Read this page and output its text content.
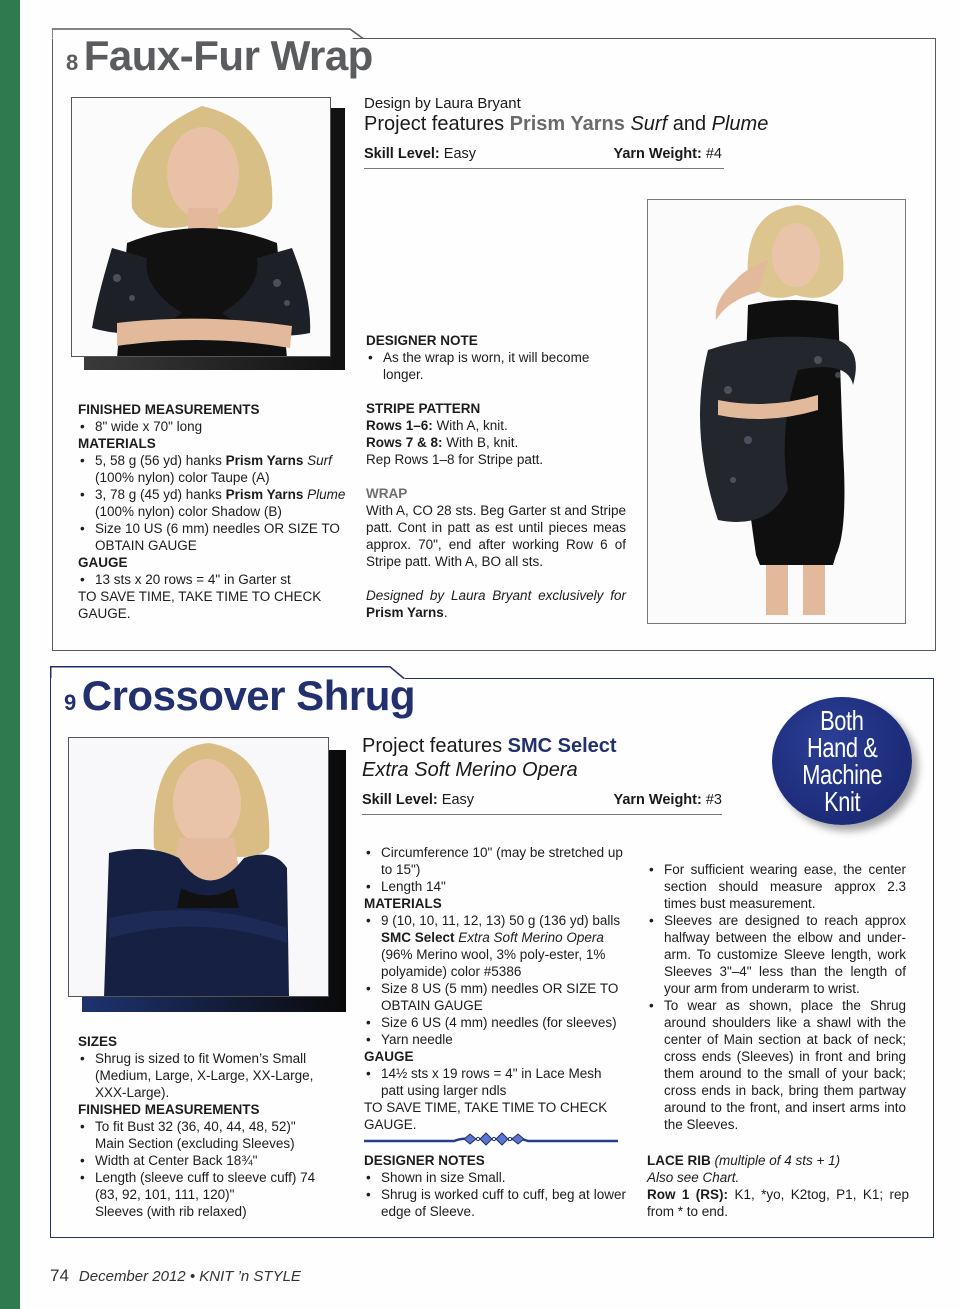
8 Faux-Fur Wrap
Design by Laura Bryant
Project features Prism Yarns Surf and Plume
Skill Level: Easy	Yarn Weight: #4

FINISHED MEASUREMENTS

• 8" wide x 70" long

MATERIALS

• 5, 58 g (56 yd) hanks Prism Yarns Surf (100% nylon) color Taupe (A)

• 3, 78 g (45 yd) hanks Prism Yarns Plume (100% nylon) color Shadow (B)

• Size 10 US (6 mm) needles OR SIZE TO OBTAIN GAUGE

GAUGE

• 13 sts x 20 rows = 4" in Garter st

TO SAVE TIME, TAKE TIME TO CHECK GAUGE.

DESIGNER NOTE

• As the wrap is worn, it will become longer.

STRIPE PATTERN

Rows 1–6: With A, knit.

Rows 7 & 8: With B, knit.

Rep Rows 1–8 for Stripe patt.

WRAP

With A, CO 28 sts. Beg Garter st and Stripe patt. Cont in patt as est until pieces meas approx. 70", end after working Row 6 of Stripe patt. With A, BO all sts.

Designed by Laura Bryant exclusively for Prism Yarns.

9 Crossover Shrug
Project features SMC Select
Extra Soft Merino Opera
Skill Level: Easy	Yarn Weight: #3
Both
Hand &
Machine
Knit

SIZES

• Shrug is sized to fit Women’s Small (Medium, Large, X-Large, XX-Large, XXX-Large).

FINISHED MEASUREMENTS

• To fit Bust 32 (36, 40, 44, 48, 52)"

Main Section (excluding Sleeves)

• Width at Center Back 18¾"

• Length (sleeve cuff to sleeve cuff) 74 (83, 92, 101, 111, 120)"

Sleeves (with rib relaxed)

• Circumference 10" (may be stretched up to 15")

• Length 14"

MATERIALS

• 9 (10, 10, 11, 12, 13) 50 g (136 yd) balls SMC Select Extra Soft Merino Opera (96% Merino wool, 3% poly-ester, 1% polyamide) color #5386

• Size 8 US (5 mm) needles OR SIZE TO OBTAIN GAUGE

• Size 6 US (4 mm) needles (for sleeves)

• Yarn needle

GAUGE

• 14½ sts x 19 rows = 4" in Lace Mesh patt using larger ndls

TO SAVE TIME, TAKE TIME TO CHECK GAUGE.

DESIGNER NOTES

• Shown in size Small.

• Shrug is worked cuff to cuff, beg at lower edge of Sleeve.

• For sufficient wearing ease, the center section should measure approx 2.3 times bust measurement.

• Sleeves are designed to reach approx halfway between the elbow and under-arm. To customize Sleeve length, work Sleeves 3"–4" less than the length of your arm from underarm to wrist.

• To wear as shown, place the Shrug around shoulders like a shawl with the center of Main section at back of neck; cross ends (Sleeves) in front and bring them around to the small of your back; cross ends in back, bring them partway around to the front, and insert arms into the Sleeves.

LACE RIB (multiple of 4 sts + 1)

Also see Chart.

Row 1 (RS): K1, *yo, K2tog, P1, K1; rep from * to end.

74 December 2012 • KNIT ’n STYLE
